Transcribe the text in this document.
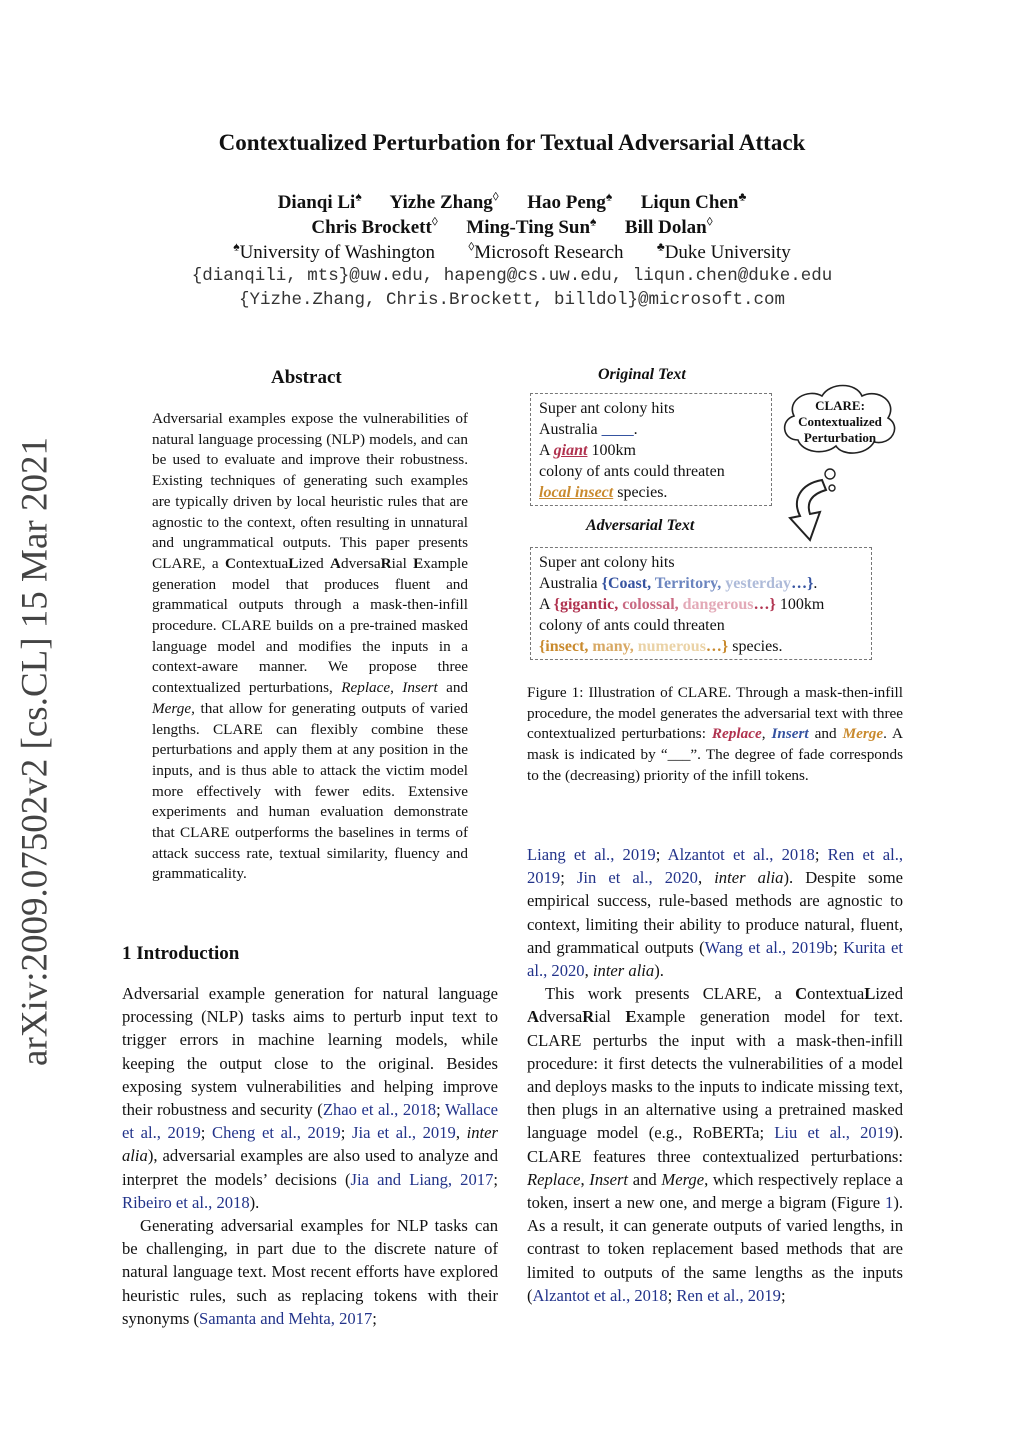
arXiv:2009.07502v2 [cs.CL] 15 Mar 2021
Contextualized Perturbation for Textual Adversarial Attack
Dianqi Li♠ Yizhe Zhang◊ Hao Peng♠ Liqun Chen♣
Chris Brockett◊ Ming-Ting Sun♠ Bill Dolan◊
♠University of Washington	◊Microsoft Research	♣Duke University
{dianqili, mts}@uw.edu, hapeng@cs.uw.edu, liqun.chen@duke.edu
{Yizhe.Zhang, Chris.Brockett, billdol}@microsoft.com
Abstract
Adversarial examples expose the vulnerabilities of natural language processing (NLP) models, and can be used to evaluate and improve their robustness. Existing techniques of generating such examples are typically driven by local heuristic rules that are agnostic to the context, often resulting in unnatural and ungrammatical outputs. This paper presents CLARE, a ContextuaLized AdversaRial Example generation model that produces fluent and grammatical outputs through a mask-then-infill procedure. CLARE builds on a pre-trained masked language model and modifies the inputs in a context-aware manner. We propose three contextualized perturbations, Replace, Insert and Merge, that allow for generating outputs of varied lengths. CLARE can flexibly combine these perturbations and apply them at any position in the inputs, and is thus able to attack the victim model more effectively with fewer edits. Extensive experiments and human evaluation demonstrate that CLARE outperforms the baselines in terms of attack success rate, textual similarity, fluency and grammaticality.
1 Introduction

Adversarial example generation for natural language processing (NLP) tasks aims to perturb input text to trigger errors in machine learning models, while keeping the output close to the original. Besides exposing system vulnerabilities and helping improve their robustness and security (Zhao et al., 2018; Wallace et al., 2019; Cheng et al., 2019; Jia et al., 2019, inter alia), adversarial examples are also used to analyze and interpret the models’ decisions (Jia and Liang, 2017; Ribeiro et al., 2018).

Generating adversarial examples for NLP tasks can be challenging, in part due to the discrete nature of natural language text. Most recent efforts have explored heuristic rules, such as replacing tokens with their synonyms (Samanta and Mehta, 2017;

Original Text
Super ant colony hits
Australia ____.
A giant 100km
colony of ants could threaten
local insect species.
CLARE: Contextualized Perturbation
Adversarial Text
Super ant colony hits
Australia {Coast, Territory, yesterday…}.
A {gigantic, colossal, dangerous…} 100km
colony of ants could threaten
{insect, many, numerous…} species.
Figure 1: Illustration of CLARE. Through a mask-then-infill procedure, the model generates the adversarial text with three contextualized perturbations: Replace, Insert and Merge. A mask is indicated by “___”. The degree of fade corresponds to the (decreasing) priority of the infill tokens.

Liang et al., 2019; Alzantot et al., 2018; Ren et al., 2019; Jin et al., 2020, inter alia). Despite some empirical success, rule-based methods are agnostic to context, limiting their ability to produce natural, fluent, and grammatical outputs (Wang et al., 2019b; Kurita et al., 2020, inter alia).

This work presents CLARE, a ContextuaLized AdversaRial Example generation model for text. CLARE perturbs the input with a mask-then-infill procedure: it first detects the vulnerabilities of a model and deploys masks to the inputs to indicate missing text, then plugs in an alternative using a pretrained masked language model (e.g., RoBERTa; Liu et al., 2019). CLARE features three contextualized perturbations: Replace, Insert and Merge, which respectively replace a token, insert a new one, and merge a bigram (Figure 1). As a result, it can generate outputs of varied lengths, in contrast to token replacement based methods that are limited to outputs of the same lengths as the inputs (Alzantot et al., 2018; Ren et al., 2019;
